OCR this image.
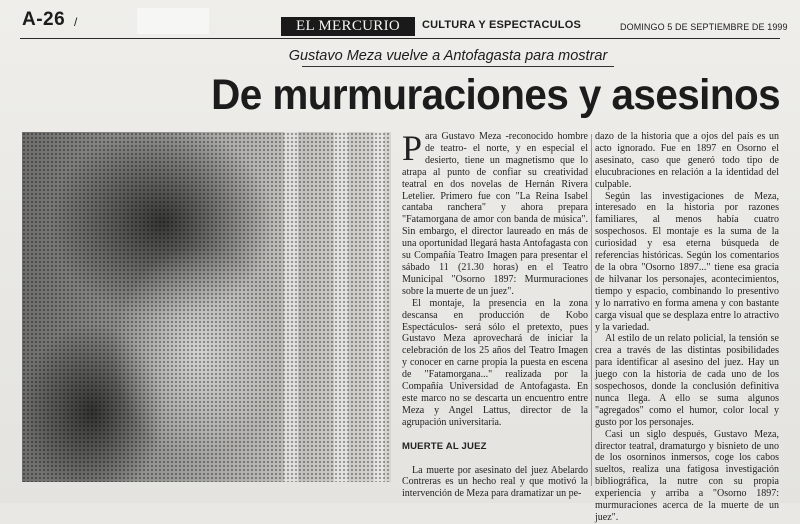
A-26 /	EL MERCURIO	CULTURA Y ESPECTACULOS	DOMINGO 5 DE SEPTIEMBRE DE 1999
Gustavo Meza vuelve a Antofagasta para mostrar
De murmuraciones y asesinos

Para Gustavo Meza -reconocido hombre de teatro- el norte, y en especial el desierto, tiene un magnetismo que lo atrapa al punto de confiar su creatividad teatral en dos novelas de Hernán Rivera Letelier. Primero fue con "La Reina Isabel cantaba ranchera" y ahora prepara "Fatamorgana de amor con banda de música". Sin embargo, el director laureado en más de una oportunidad llegará hasta Antofagasta con su Compañía Teatro Imagen para presentar el sábado 11 (21.30 horas) en el Teatro Municipal "Osorno 1897: Murmuraciones sobre la muerte de un juez".

El montaje, la presencia en la zona descansa en producción de Kobo Espectáculos- será sólo el pretexto, pues Gustavo Meza aprovechará de iniciar la celebración de los 25 años del Teatro Imagen y conocer en carne propia la puesta en escena de "Fatamorgana..." realizada por la Compañía Universidad de Antofagasta. En este marco no se descarta un encuentro entre Meza y Angel Lattus, director de la agrupación universitaria.

MUERTE AL JUEZ

La muerte por asesinato del juez Abelardo Contreras es un hecho real y que motivó la intervención de Meza para dramatizar un pe-

dazo de la historia que a ojos del país es un acto ignorado. Fue en 1897 en Osorno el asesinato, caso que generó todo tipo de elucubraciones en relación a la identidad del culpable.

Según las investigaciones de Meza, interesado en la historia por razones familiares, al menos había cuatro sospechosos. El montaje es la suma de la curiosidad y esa eterna búsqueda de referencias históricas. Según los comentarios de la obra "Osorno 1897..." tiene esa gracia de hilvanar los personajes, acontecimientos, tiempo y espacio, combinando lo presentivo y lo narrativo en forma amena y con bastante carga visual que se desplaza entre lo atractivo y la variedad.

Al estilo de un relato policial, la tensión se crea a través de las distintas posibilidades para identificar al asesino del juez. Hay un juego con la historia de cada uno de los sospechosos, donde la conclusión definitiva nunca llega. A ello se suma algunos "agregados" como el humor, color local y gusto por los personajes.

Casi un siglo después, Gustavo Meza, director teatral, dramaturgo y bisnieto de uno de los osorninos inmersos, coge los cabos sueltos, realiza una fatigosa investigación bibliográfica, la nutre con su propia experiencia y arriba a "Osorno 1897: murmuraciones acerca de la muerte de un juez".
